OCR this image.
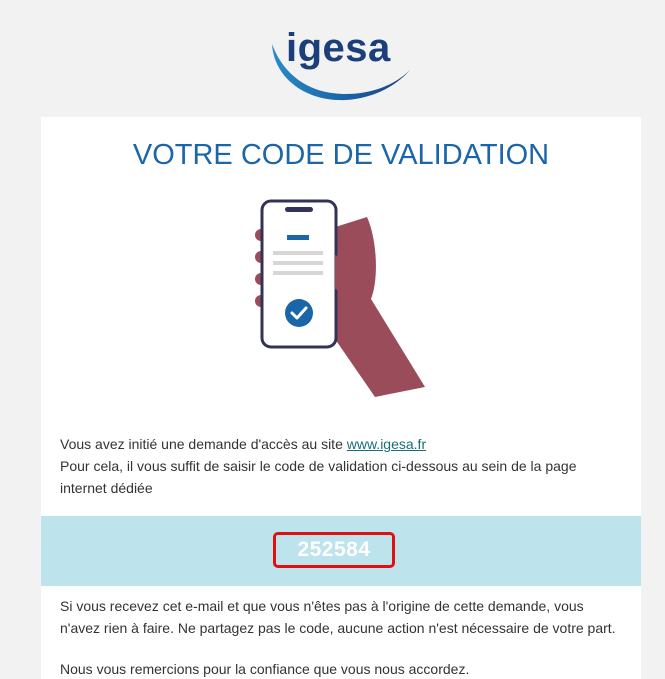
igesa
VOTRE CODE DE VALIDATION
Vous avez initié une demande d'accès au site www.igesa.fr
Pour cela, il vous suffit de saisir le code de validation ci-dessous au sein de la page internet dédiée
252584
Si vous recevez cet e-mail et que vous n'êtes pas à l'origine de cette demande, vous n'avez rien à faire. Ne partagez pas le code, aucune action n'est nécessaire de votre part.
Nous vous remercions pour la confiance que vous nous accordez.
